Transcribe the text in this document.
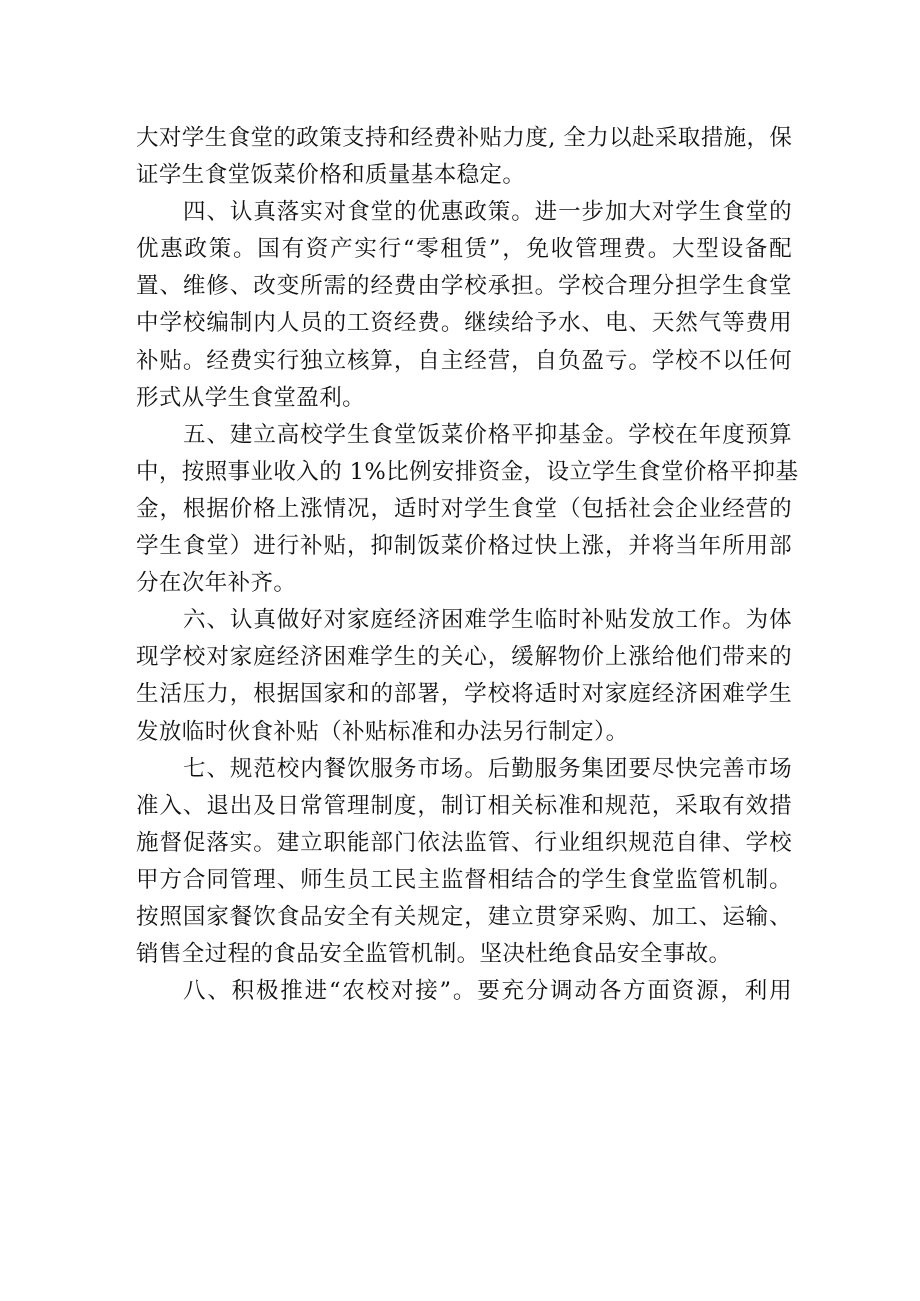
大对学生食堂的政策支持和经费补贴力度, 全力以赴采取措施，保
证学生食堂饭菜价格和质量基本稳定。
四、认真落实对食堂的优惠政策。进一步加大对学生食堂的
优惠政策。国有资产实行“零租赁”，免收管理费。大型设备配
置、维修、改变所需的经费由学校承担。学校合理分担学生食堂
中学校编制内人员的工资经费。继续给予水、电、天然气等费用
补贴。经费实行独立核算，自主经营，自负盈亏。学校不以任何
形式从学生食堂盈利。
五、建立高校学生食堂饭菜价格平抑基金。学校在年度预算
中，按照事业收入的 1%比例安排资金，设立学生食堂价格平抑基
金，根据价格上涨情况，适时对学生食堂（包括社会企业经营的
学生食堂）进行补贴，抑制饭菜价格过快上涨，并将当年所用部
分在次年补齐。
六、认真做好对家庭经济困难学生临时补贴发放工作。为体
现学校对家庭经济困难学生的关心，缓解物价上涨给他们带来的
生活压力，根据国家和的部署，学校将适时对家庭经济困难学生
发放临时伙食补贴（补贴标准和办法另行制定）。
七、规范校内餐饮服务市场。后勤服务集团要尽快完善市场
准入、退出及日常管理制度，制订相关标准和规范，采取有效措
施督促落实。建立职能部门依法监管、行业组织规范自律、学校
甲方合同管理、师生员工民主监督相结合的学生食堂监管机制。
按照国家餐饮食品安全有关规定，建立贯穿采购、加工、运输、
销售全过程的食品安全监管机制。坚决杜绝食品安全事故。
八、积极推进“农校对接”。要充分调动各方面资源，利用
